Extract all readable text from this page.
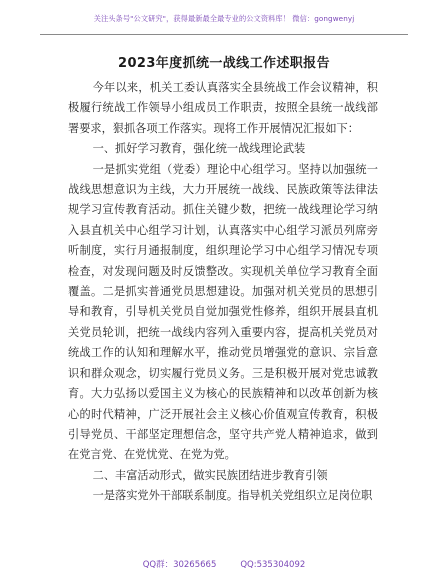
关注头条号"公文研究"，获得最新最全最专业的公文资料库！ 微信：gongwenyj
2023年度抓统一战线工作述职报告

今年以来，机关工委认真落实全县统战工作会议精神，积极履行统战工作领导小组成员工作职责，按照全县统一战线部署要求，狠抓各项工作落实。现将工作开展情况汇报如下：

一、抓好学习教育，强化统一战线理论武装

一是抓实党组（党委）理论中心组学习。坚持以加强统一战线思想意识为主线，大力开展统一战线、民族政策等法律法规学习宣传教育活动。抓住关键少数，把统一战线理论学习纳入县直机关中心组学习计划，认真落实中心组学习派员列席旁听制度，实行月通报制度，组织理论学习中心组学习情况专项检查，对发现问题及时反馈整改。实现机关单位学习教育全面覆盖。二是抓实普通党员思想建设。加强对机关党员的思想引导和教育，引导机关党员自觉加强党性修养，组织开展县直机关党员轮训，把统一战线内容列入重要内容，提高机关党员对统战工作的认知和理解水平，推动党员增强党的意识、宗旨意识和群众观念，切实履行党员义务。三是积极开展对党忠诚教育。大力弘扬以爱国主义为核心的民族精神和以改革创新为核心的时代精神，广泛开展社会主义核心价值观宣传教育，积极引导党员、干部坚定理想信念，坚守共产党人精神追求，做到在党言党、在党忧党、在党为党。

二、丰富活动形式，做实民族团结进步教育引领

一是落实党外干部联系制度。指导机关党组织立足岗位职

QQ群：30265665	QQ:535304092
